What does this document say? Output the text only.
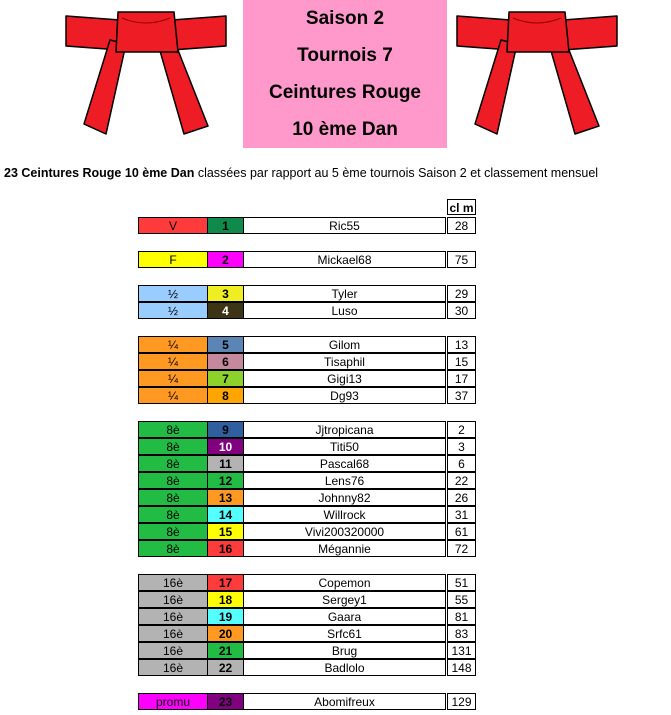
Saison 2
Tournois 7
Ceintures Rouge
10 ème Dan
23 Ceintures Rouge 10 ème Dan classées par rapport au 5 ème tournois Saison 2 et classement mensuel
cl m
V	1	Ric55	28
F	2	Mickael68	75
½	3	Tyler	29
½	4	Luso	30
¼	5	Gilom	13
¼	6	Tisaphil	15
¼	7	Gigi13	17
¼	8	Dg93	37
8è	9	Jjtropicana	2
8è	10	Titi50	3
8è	11	Pascal68	6
8è	12	Lens76	22
8è	13	Johnny82	26
8è	14	Willrock	31
8è	15	Vivi200320000	61
8è	16	Mégannie	72
16è	17	Copemon	51
16è	18	Sergey1	55
16è	19	Gaara	81
16è	20	Srfc61	83
16è	21	Brug	131
16è	22	Badlolo	148
promu	23	Abomifreux	129
